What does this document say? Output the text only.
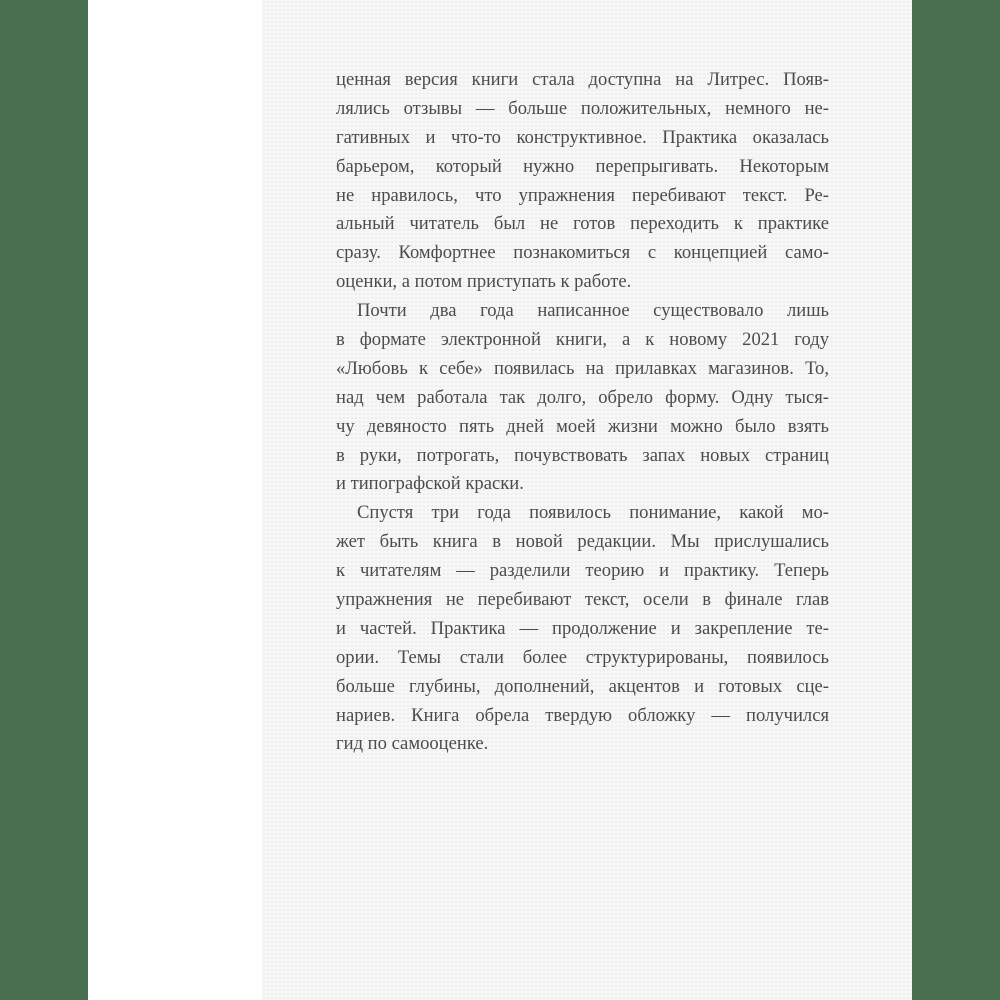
ценная версия книги стала доступна на Литрес. Появ-
лялись отзывы — больше положительных, немного не-
гативных и что-то конструктивное. Практика оказалась
барьером, который нужно перепрыгивать. Некоторым
не нравилось, что упражнения перебивают текст. Ре-
альный читатель был не готов переходить к практике
сразу. Комфортнее познакомиться с концепцией само-
оценки, а потом приступать к работе.
Почти два года написанное существовало лишь
в формате электронной книги, а к новому 2021 году
«Любовь к себе» появилась на прилавках магазинов. То,
над чем работала так долго, обрело форму. Одну тыся-
чу девяносто пять дней моей жизни можно было взять
в руки, потрогать, почувствовать запах новых страниц
и типографской краски.
Спустя три года появилось понимание, какой мо-
жет быть книга в новой редакции. Мы прислушались
к читателям — разделили теорию и практику. Теперь
упражнения не перебивают текст, осели в финале глав
и частей. Практика — продолжение и закрепление те-
ории. Темы стали более структурированы, появилось
больше глубины, дополнений, акцентов и готовых сце-
нариев. Книга обрела твердую обложку — получился
гид по самооценке.
